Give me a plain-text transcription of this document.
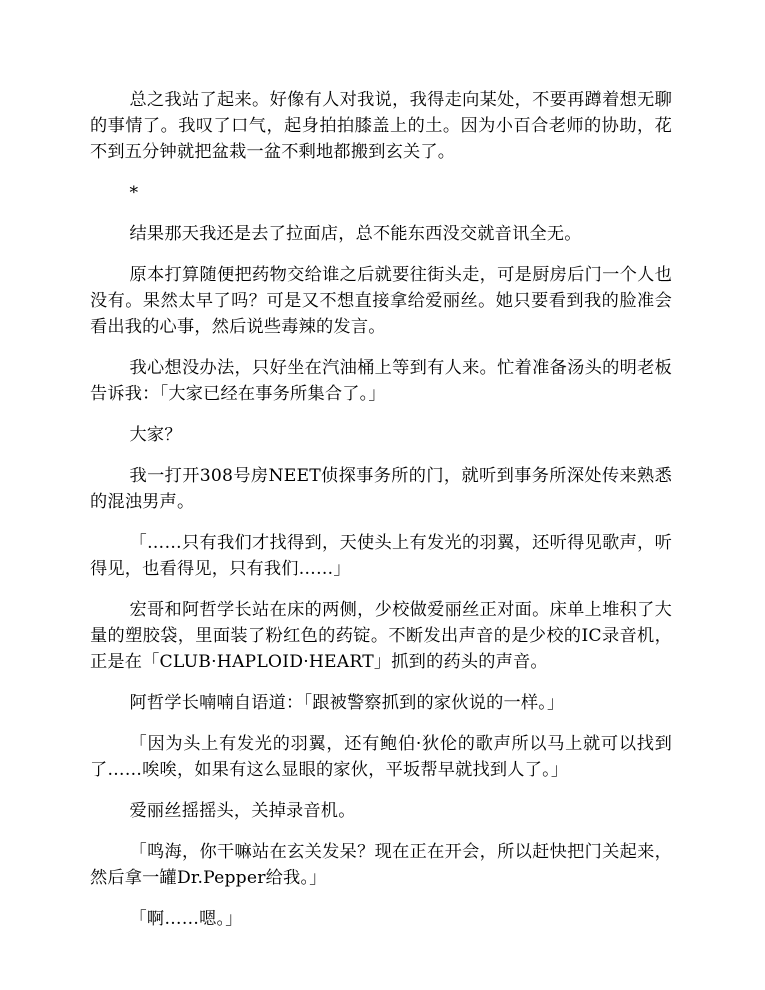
总之我站了起来。好像有人对我说，我得走向某处，不要再蹲着想无聊的事情了。我叹了口气，起身拍拍膝盖上的土。因为小百合老师的协助，花不到五分钟就把盆栽一盆不剩地都搬到玄关了。

*

结果那天我还是去了拉面店，总不能东西没交就音讯全无。

原本打算随便把药物交给谁之后就要往街头走，可是厨房后门一个人也没有。果然太早了吗？可是又不想直接拿给爱丽丝。她只要看到我的脸准会看出我的心事，然后说些毒辣的发言。

我心想没办法，只好坐在汽油桶上等到有人来。忙着准备汤头的明老板告诉我：「大家已经在事务所集合了。」

大家？

我一打开308号房NEET侦探事务所的门，就听到事务所深处传来熟悉的混浊男声。

「……只有我们才找得到，天使头上有发光的羽翼，还听得见歌声，听得见，也看得见，只有我们……」

宏哥和阿哲学长站在床的两侧，少校做爱丽丝正对面。床单上堆积了大量的塑胶袋，里面装了粉红色的药锭。不断发出声音的是少校的IC录音机，正是在「CLUB·HAPLOID·HEART」抓到的药头的声音。

阿哲学长喃喃自语道：「跟被警察抓到的家伙说的一样。」

「因为头上有发光的羽翼，还有鲍伯·狄伦的歌声所以马上就可以找到了……唉唉，如果有这么显眼的家伙，平坂帮早就找到人了。」

爱丽丝摇摇头，关掉录音机。

「鸣海，你干嘛站在玄关发呆？现在正在开会，所以赶快把门关起来，然后拿一罐Dr.Pepper给我。」

「啊……嗯。」
